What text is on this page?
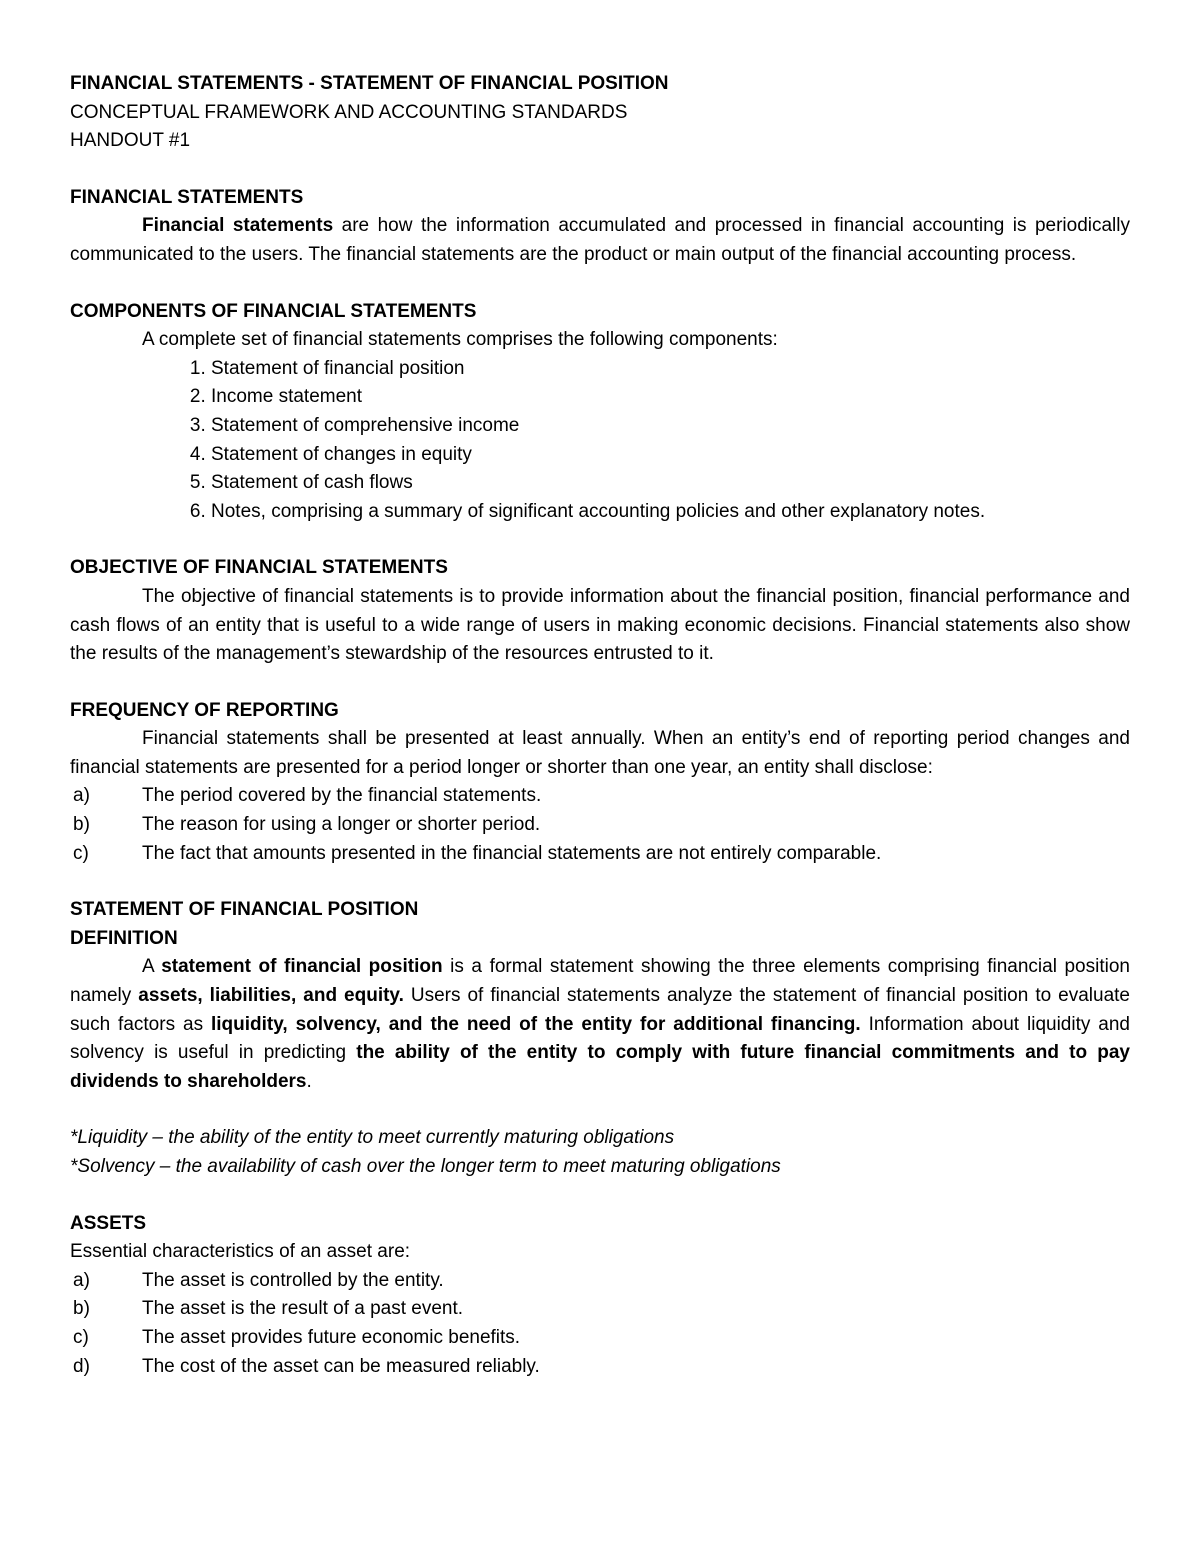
FINANCIAL STATEMENTS - STATEMENT OF FINANCIAL POSITION
CONCEPTUAL FRAMEWORK AND ACCOUNTING STANDARDS
HANDOUT #1
FINANCIAL STATEMENTS
Financial statements are how the information accumulated and processed in financial accounting is periodically communicated to the users. The financial statements are the product or main output of the financial accounting process.
COMPONENTS OF FINANCIAL STATEMENTS
A complete set of financial statements comprises the following components:
1. Statement of financial position
2. Income statement
3. Statement of comprehensive income
4. Statement of changes in equity
5. Statement of cash flows
6. Notes, comprising a summary of significant accounting policies and other explanatory notes.
OBJECTIVE OF FINANCIAL STATEMENTS
The objective of financial statements is to provide information about the financial position, financial performance and cash flows of an entity that is useful to a wide range of users in making economic decisions. Financial statements also show the results of the management’s stewardship of the resources entrusted to it.
FREQUENCY OF REPORTING
Financial statements shall be presented at least annually. When an entity’s end of reporting period changes and financial statements are presented for a period longer or shorter than one year, an entity shall disclose:
a)	The period covered by the financial statements.
b)	The reason for using a longer or shorter period.
c)	The fact that amounts presented in the financial statements are not entirely comparable.
STATEMENT OF FINANCIAL POSITION
DEFINITION
A statement of financial position is a formal statement showing the three elements comprising financial position namely assets, liabilities, and equity. Users of financial statements analyze the statement of financial position to evaluate such factors as liquidity, solvency, and the need of the entity for additional financing. Information about liquidity and solvency is useful in predicting the ability of the entity to comply with future financial commitments and to pay dividends to shareholders.
*Liquidity – the ability of the entity to meet currently maturing obligations
*Solvency – the availability of cash over the longer term to meet maturing obligations
ASSETS
Essential characteristics of an asset are:
a)	The asset is controlled by the entity.
b)	The asset is the result of a past event.
c)	The asset provides future economic benefits.
d)	The cost of the asset can be measured reliably.
